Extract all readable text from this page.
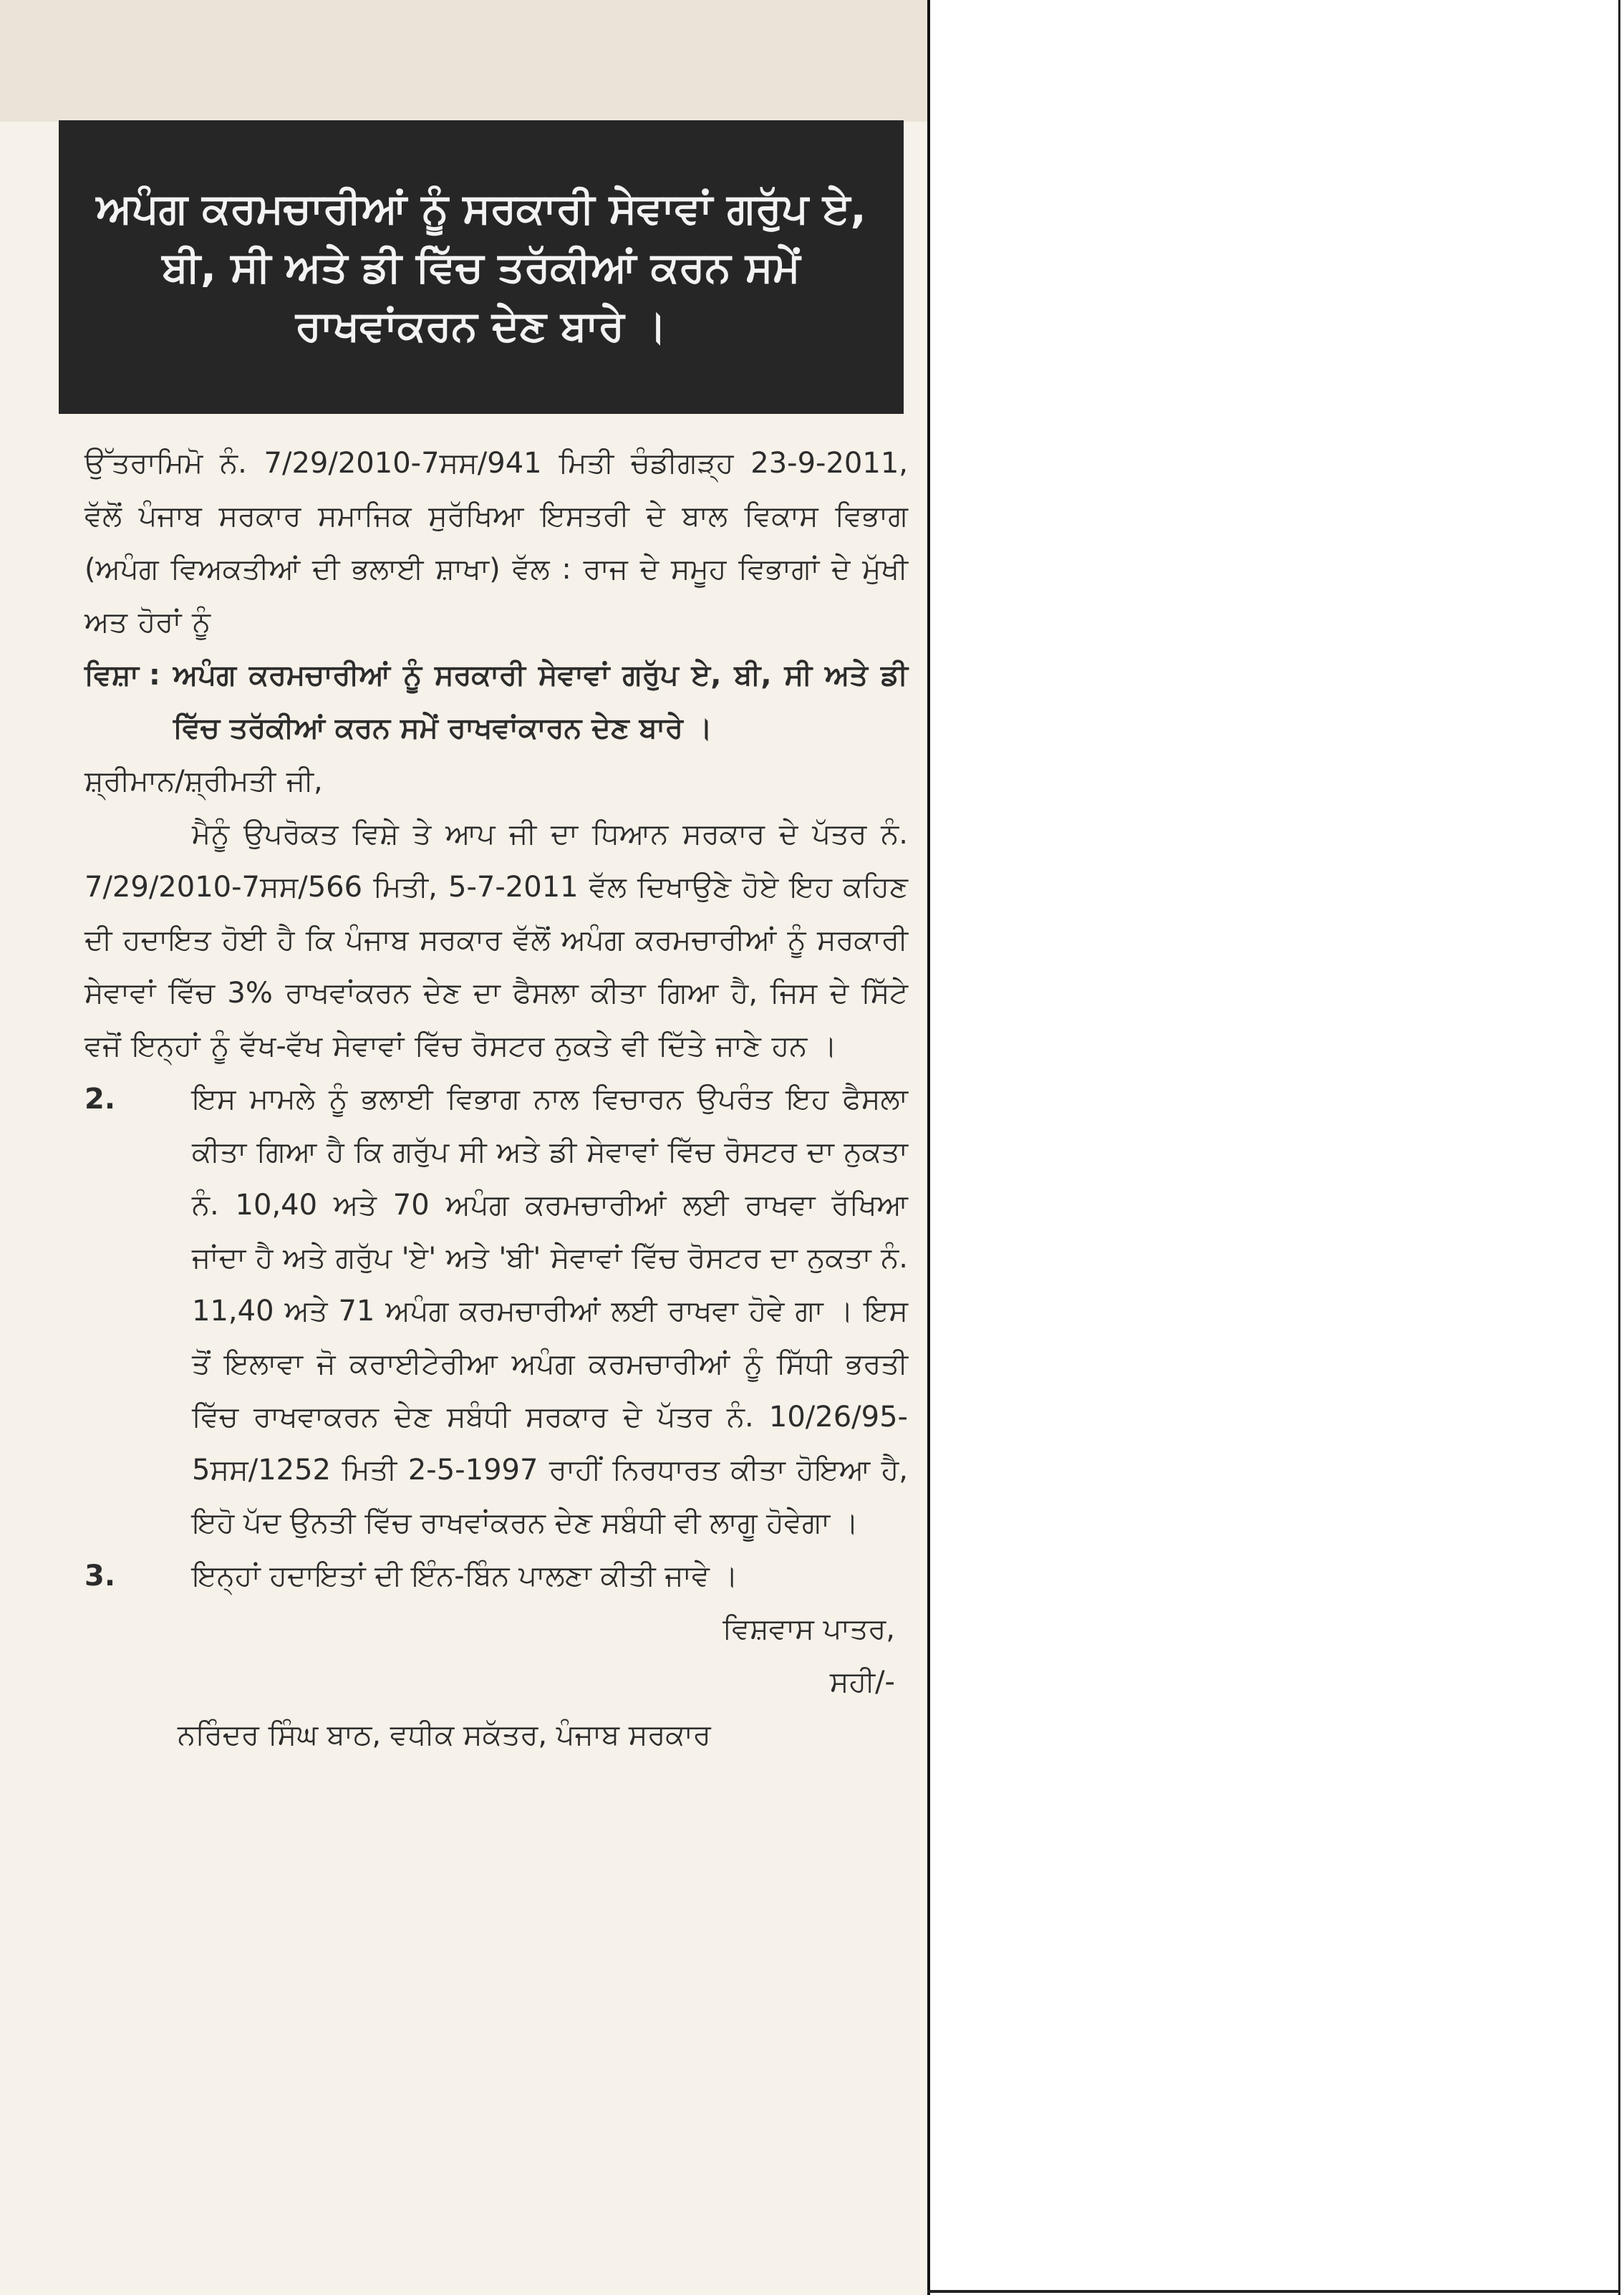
ਅਪੰਗ ਕਰਮਚਾਰੀਆਂ ਨੂੰ ਸਰਕਾਰੀ ਸੇਵਾਵਾਂ ਗਰੁੱਪ ਏ, ਬੀ, ਸੀ ਅਤੇ ਡੀ ਵਿੱਚ ਤਰੱਕੀਆਂ ਕਰਨ ਸਮੇਂ ਰਾਖਵਾਂਕਰਨ ਦੇਣ ਬਾਰੇ ।

ਉੱਤਰਾਮਿਮੋ ਨੰ. 7/29/2010-7ਸਸ/941 ਮਿਤੀ ਚੰਡੀਗੜ੍ਹ 23-9-2011, ਵੱਲੋਂ ਪੰਜਾਬ ਸਰਕਾਰ ਸਮਾਜਿਕ ਸੁਰੱਖਿਆ ਇਸਤਰੀ ਦੇ ਬਾਲ ਵਿਕਾਸ ਵਿਭਾਗ (ਅਪੰਗ ਵਿਅਕਤੀਆਂ ਦੀ ਭਲਾਈ ਸ਼ਾਖਾ) ਵੱਲ : ਰਾਜ ਦੇ ਸਮੂਹ ਵਿਭਾਗਾਂ ਦੇ ਮੁੱਖੀ ਅਤ ਹੋਰਾਂ ਨੂੰ

ਵਿਸ਼ਾ : ਅਪੰਗ ਕਰਮਚਾਰੀਆਂ ਨੂੰ ਸਰਕਾਰੀ ਸੇਵਾਵਾਂ ਗਰੁੱਪ ਏ, ਬੀ, ਸੀ ਅਤੇ ਡੀ ਵਿੱਚ ਤਰੱਕੀਆਂ ਕਰਨ ਸਮੇਂ ਰਾਖਵਾਂਕਾਰਨ ਦੇਣ ਬਾਰੇ ।

ਸ਼੍ਰੀਮਾਨ/ਸ਼੍ਰੀਮਤੀ ਜੀ,

ਮੈਨੂੰ ਉਪਰੋਕਤ ਵਿਸ਼ੇ ਤੇ ਆਪ ਜੀ ਦਾ ਧਿਆਨ ਸਰਕਾਰ ਦੇ ਪੱਤਰ ਨੰ. 7/29/2010-7ਸਸ/566 ਮਿਤੀ, 5-7-2011 ਵੱਲ ਦਿਖਾਉਣੇ ਹੋਏ ਇਹ ਕਹਿਣ ਦੀ ਹਦਾਇਤ ਹੋਈ ਹੈ ਕਿ ਪੰਜਾਬ ਸਰਕਾਰ ਵੱਲੋਂ ਅਪੰਗ ਕਰਮਚਾਰੀਆਂ ਨੂੰ ਸਰਕਾਰੀ ਸੇਵਾਵਾਂ ਵਿੱਚ 3% ਰਾਖਵਾਂਕਰਨ ਦੇਣ ਦਾ ਫੈਸਲਾ ਕੀਤਾ ਗਿਆ ਹੈ, ਜਿਸ ਦੇ ਸਿੱਟੇ ਵਜੋਂ ਇਨ੍ਹਾਂ ਨੂੰ ਵੱਖ-ਵੱਖ ਸੇਵਾਵਾਂ ਵਿੱਚ ਰੋਸਟਰ ਨੁਕਤੇ ਵੀ ਦਿੱਤੇ ਜਾਣੇ ਹਨ ।

2.	ਇਸ ਮਾਮਲੇ ਨੂੰ ਭਲਾਈ ਵਿਭਾਗ ਨਾਲ ਵਿਚਾਰਨ ਉਪਰੰਤ ਇਹ ਫੈਸਲਾ ਕੀਤਾ ਗਿਆ ਹੈ ਕਿ ਗਰੁੱਪ ਸੀ ਅਤੇ ਡੀ ਸੇਵਾਵਾਂ ਵਿੱਚ ਰੋਸਟਰ ਦਾ ਨੁਕਤਾ ਨੰ. 10,40 ਅਤੇ 70 ਅਪੰਗ ਕਰਮਚਾਰੀਆਂ ਲਈ ਰਾਖਵਾ ਰੱਖਿਆ ਜਾਂਦਾ ਹੈ ਅਤੇ ਗਰੁੱਪ 'ਏ' ਅਤੇ 'ਬੀ' ਸੇਵਾਵਾਂ ਵਿੱਚ ਰੋਸਟਰ ਦਾ ਨੁਕਤਾ ਨੰ. 11,40 ਅਤੇ 71 ਅਪੰਗ ਕਰਮਚਾਰੀਆਂ ਲਈ ਰਾਖਵਾ ਹੋਵੇ ਗਾ । ਇਸ ਤੋਂ ਇਲਾਵਾ ਜੋ ਕਰਾਈਟੇਰੀਆ ਅਪੰਗ ਕਰਮਚਾਰੀਆਂ ਨੂੰ ਸਿੱਧੀ ਭਰਤੀ ਵਿੱਚ ਰਾਖਵਾਕਰਨ ਦੇਣ ਸਬੰਧੀ ਸਰਕਾਰ ਦੇ ਪੱਤਰ ਨੰ. 10/26/95-5ਸਸ/1252 ਮਿਤੀ 2-5-1997 ਰਾਹੀਂ ਨਿਰਧਾਰਤ ਕੀਤਾ ਹੋਇਆ ਹੈ, ਇਹੋ ਪੱਦ ਉਨਤੀ ਵਿੱਚ ਰਾਖਵਾਂਕਰਨ ਦੇਣ ਸਬੰਧੀ ਵੀ ਲਾਗੂ ਹੋਵੇਗਾ ।
3.	ਇਨ੍ਹਾਂ ਹਦਾਇਤਾਂ ਦੀ ਇੰਨ-ਬਿੰਨ ਪਾਲਣਾ ਕੀਤੀ ਜਾਵੇ ।

ਵਿਸ਼ਵਾਸ ਪਾਤਰ,

ਸਹੀ/-

ਨਰਿੰਦਰ ਸਿੰਘ ਬਾਠ, ਵਧੀਕ ਸਕੱਤਰ, ਪੰਜਾਬ ਸਰਕਾਰ
